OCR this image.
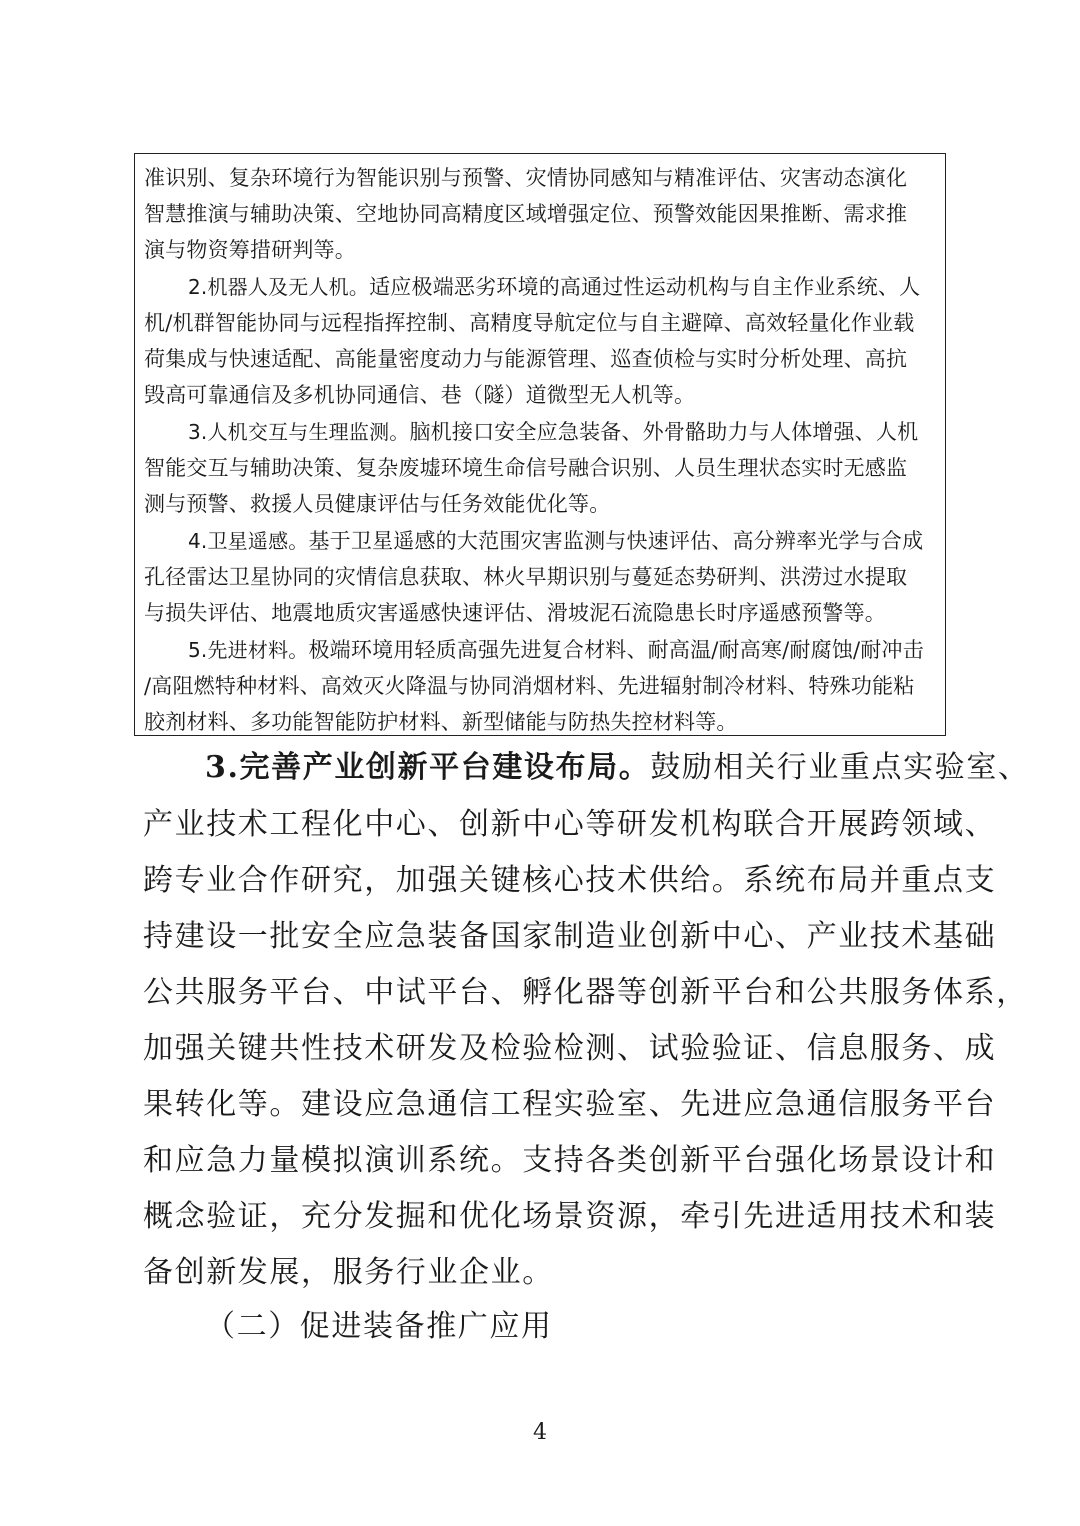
准识别、复杂环境行为智能识别与预警、灾情协同感知与精准评估、灾害动态演化
智慧推演与辅助决策、空地协同高精度区域增强定位、预警效能因果推断、需求推
演与物资筹措研判等。
2.机器人及无人机。适应极端恶劣环境的高通过性运动机构与自主作业系统、人
机/机群智能协同与远程指挥控制、高精度导航定位与自主避障、高效轻量化作业载
荷集成与快速适配、高能量密度动力与能源管理、巡查侦检与实时分析处理、高抗
毁高可靠通信及多机协同通信、巷（隧）道微型无人机等。
3.人机交互与生理监测。脑机接口安全应急装备、外骨骼助力与人体增强、人机
智能交互与辅助决策、复杂废墟环境生命信号融合识别、人员生理状态实时无感监
测与预警、救援人员健康评估与任务效能优化等。
4.卫星遥感。基于卫星遥感的大范围灾害监测与快速评估、高分辨率光学与合成
孔径雷达卫星协同的灾情信息获取、林火早期识别与蔓延态势研判、洪涝过水提取
与损失评估、地震地质灾害遥感快速评估、滑坡泥石流隐患长时序遥感预警等。
5.先进材料。极端环境用轻质高强先进复合材料、耐高温/耐高寒/耐腐蚀/耐冲击
/高阻燃特种材料、高效灭火降温与协同消烟材料、先进辐射制冷材料、特殊功能粘
胶剂材料、多功能智能防护材料、新型储能与防热失控材料等。
3.完善产业创新平台建设布局。鼓励相关行业重点实验室、
产业技术工程化中心、创新中心等研发机构联合开展跨领域、
跨专业合作研究，加强关键核心技术供给。系统布局并重点支
持建设一批安全应急装备国家制造业创新中心、产业技术基础
公共服务平台、中试平台、孵化器等创新平台和公共服务体系，
加强关键共性技术研发及检验检测、试验验证、信息服务、成
果转化等。建设应急通信工程实验室、先进应急通信服务平台
和应急力量模拟演训系统。支持各类创新平台强化场景设计和
概念验证，充分发掘和优化场景资源，牵引先进适用技术和装
备创新发展，服务行业企业。
（二）促进装备推广应用
4
